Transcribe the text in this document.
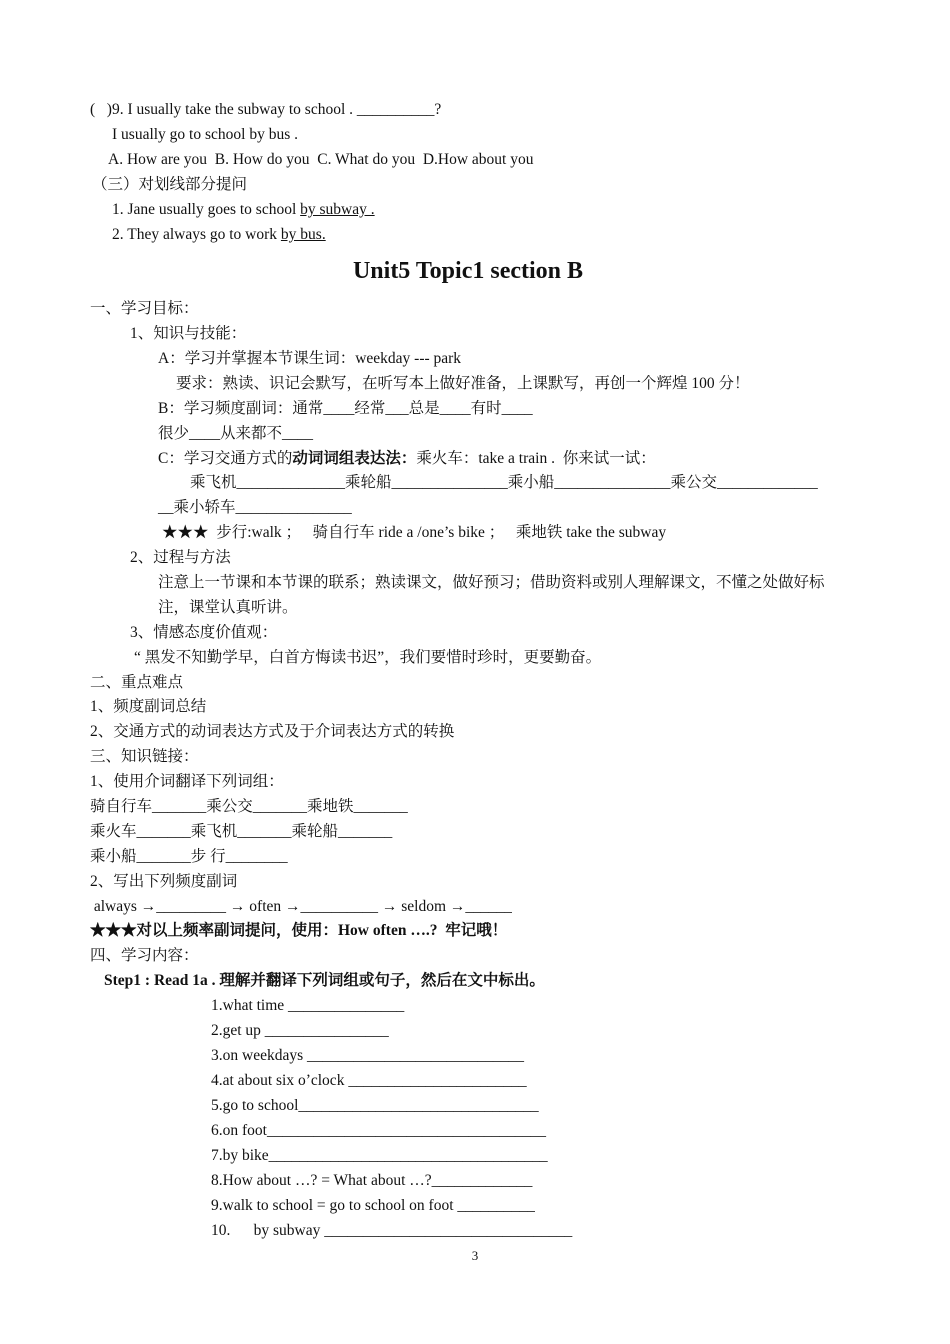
(   )9. I usually take the subway to school . __________?
I usually go to school by bus .
A. How are you  B. How do you  C. What do you  D.How about you
（三）对划线部分提问
1. Jane usually goes to school by subway .
2. They always go to work by bus.
Unit5 Topic1 section B
一、学习目标：
1、知识与技能：
A：学习并掌握本节课生词：weekday --- park
要求：熟读、识记会默写，在听写本上做好准备，上课默写，再创一个辉煌 100 分！
B：学习频度副词：通常____经常___总是____有时____
很少____从来都不____
C：学习交通方式的动词词组表达法：乘火车：take a train .  你来试一试：
乘飞机______________乘轮船_______________乘小船_______________乘公交_____________
__乘小轿车_______________
★★★  步行:walk ；   骑自行车 ride a /one’s bike ；   乘地铁 take the subway
2、过程与方法
注意上一节课和本节课的联系；熟读课文，做好预习；借助资料或别人理解课文，不懂之处做好标
注，课堂认真听讲。
3、情感态度价值观：
“ 黑发不知勤学早，白首方悔读书迟”，我们要惜时珍时，更要勤奋。
二、重点难点
1、频度副词总结
2、交通方式的动词表达方式及于介词表达方式的转换
三、知识链接：
1、使用介词翻译下列词组：
骑自行车_______乘公交_______乘地铁_______
乘火车_______乘飞机_______乘轮船_______
乘小船_______步 行________
2、写出下列频度副词
always →_________ → often →__________ → seldom →______
★★★对以上频率副词提问，使用：How often ….?  牢记哦！
四、学习内容：
Step1 : Read 1a . 理解并翻译下列词组或句子，然后在文中标出。
1.what time _______________
2.get up ________________
3.on weekdays ____________________________
4.at about six o’clock _______________________
5.go to school_______________________________
6.on foot____________________________________
7.by bike____________________________________
8.How about …? = What about …?_____________
9.walk to school = go to school on foot __________
10.      by subway ________________________________
3
